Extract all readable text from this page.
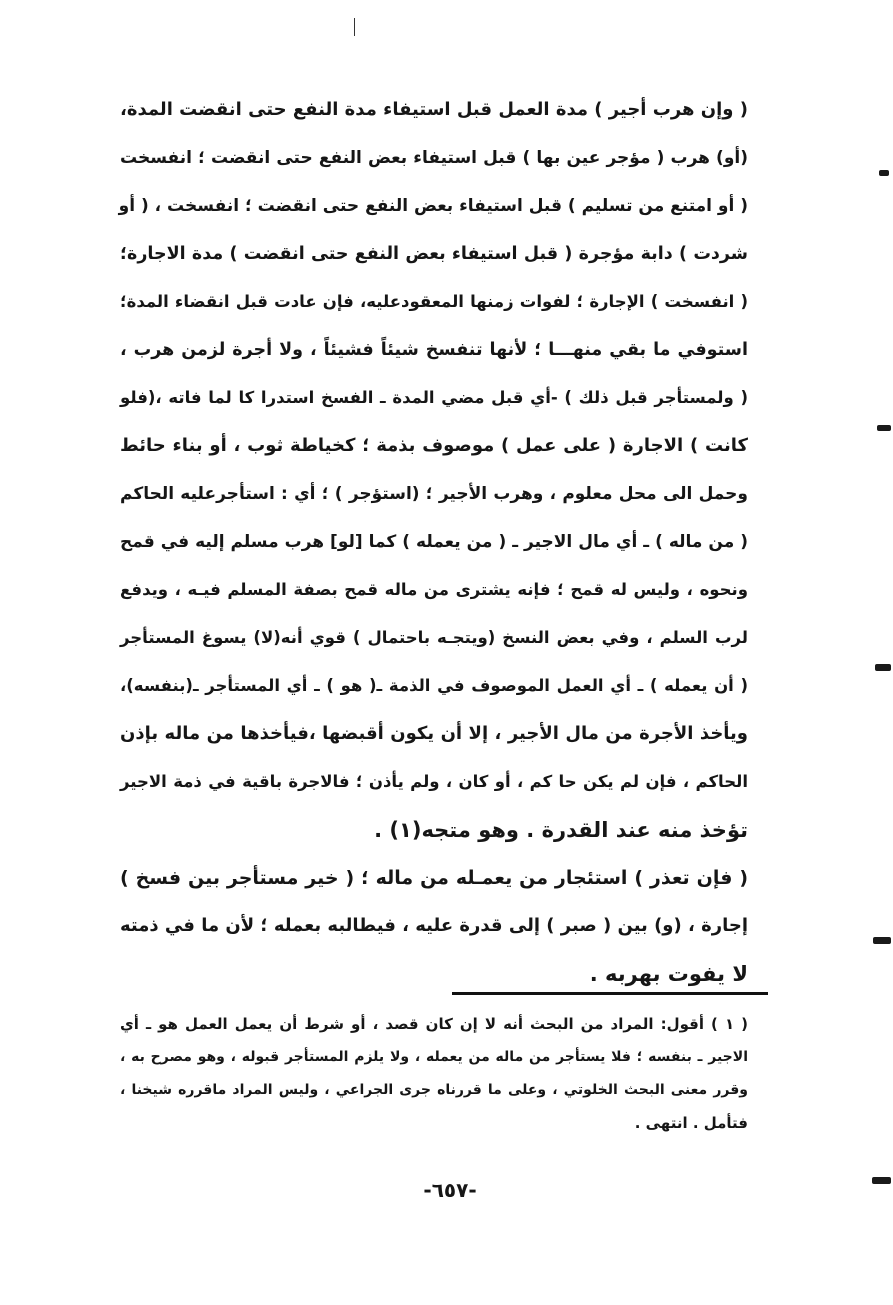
( وإن هرب أجير ) مدة العمل قبل استيفاء مدة النفع حتى انقضت المدة،
(أو) هرب ( مؤجر عين بها ) قبل استيفاء بعض النفع حتى انقضت ؛ انفسخت
( أو امتنع من تسليم ) قبل استيفاء بعض النفع حتى انقضت ؛ انفسخت ، ( أو
شردت ) دابة مؤجرة ( قبل استيفاء بعض النفع حتى انقضت ) مدة الاجارة؛
( انفسخت ) الإجارة ؛ لفوات زمنها المعقودعليه، فإن عادت قبل انقضاء المدة؛
استوفي ما بقي منهـــا ؛ لأنها تنفسخ شيئاً فشيئاً ، ولا أجرة لزمن هرب ،
( ولمستأجر قبل ذلك ) -أي قبل مضي المدة ـ الفسخ استدرا كا لما فاته ،(فلو
كانت ) الاجارة ( على عمل ) موصوف بذمة ؛ كخياطة ثوب ، أو بناء حائط
وحمل الى محل معلوم ، وهرب الأجير ؛ (استؤجر ) ؛ أي : استأجرعليه الحاكم
( من ماله ) ـ أي مال الاجير ـ ( من يعمله ) كما [لو] هرب مسلم إليه في قمح
ونحوه ، وليس له قمح ؛ فإنه يشترى من ماله قمح بصفة المسلم فيـه ، ويدفع
لرب السلم ، وفي بعض النسخ (ويتجـه باحتمال ) قوي أنه(لا) يسوغ المستأجر
( أن يعمله ) ـ أي العمل الموصوف في الذمة ـ( هو ) ـ أي المستأجر ـ(بنفسه)،
ويأخذ الأجرة من مال الأجير ، إلا أن يكون أقبضها ،فيأخذها من ماله بإذن
الحاكم ، فإن لم يكن حا كم ، أو كان ، ولم يأذن ؛ فالاجرة باقية في ذمة الاجير
تؤخذ منه عند القدرة . وهو متجه(١) .
( فإن تعذر ) استئجار من يعمـله من ماله ؛ ( خير مستأجر بين فسخ )
إجارة ، (و) بين ( صبر ) إلى قدرة عليه ، فيطالبه بعمله ؛ لأن ما في ذمته
لا يفوت بهربه .
( ١ ) أقول: المراد من البحث أنه لا إن كان قصد ، أو شرط أن يعمل العمل هو ـ أي
الاجير ـ بنفسه ؛ فلا يستأجر من ماله من يعمله ، ولا يلزم المستأجر قبوله ، وهو مصرح به ،
وقرر معنى البحث الخلوتي ، وعلى ما قررناه جرى الجراعي ، وليس المراد ماقرره شيخنا ،
فتأمل . انتهى .
-٦٥٧-
